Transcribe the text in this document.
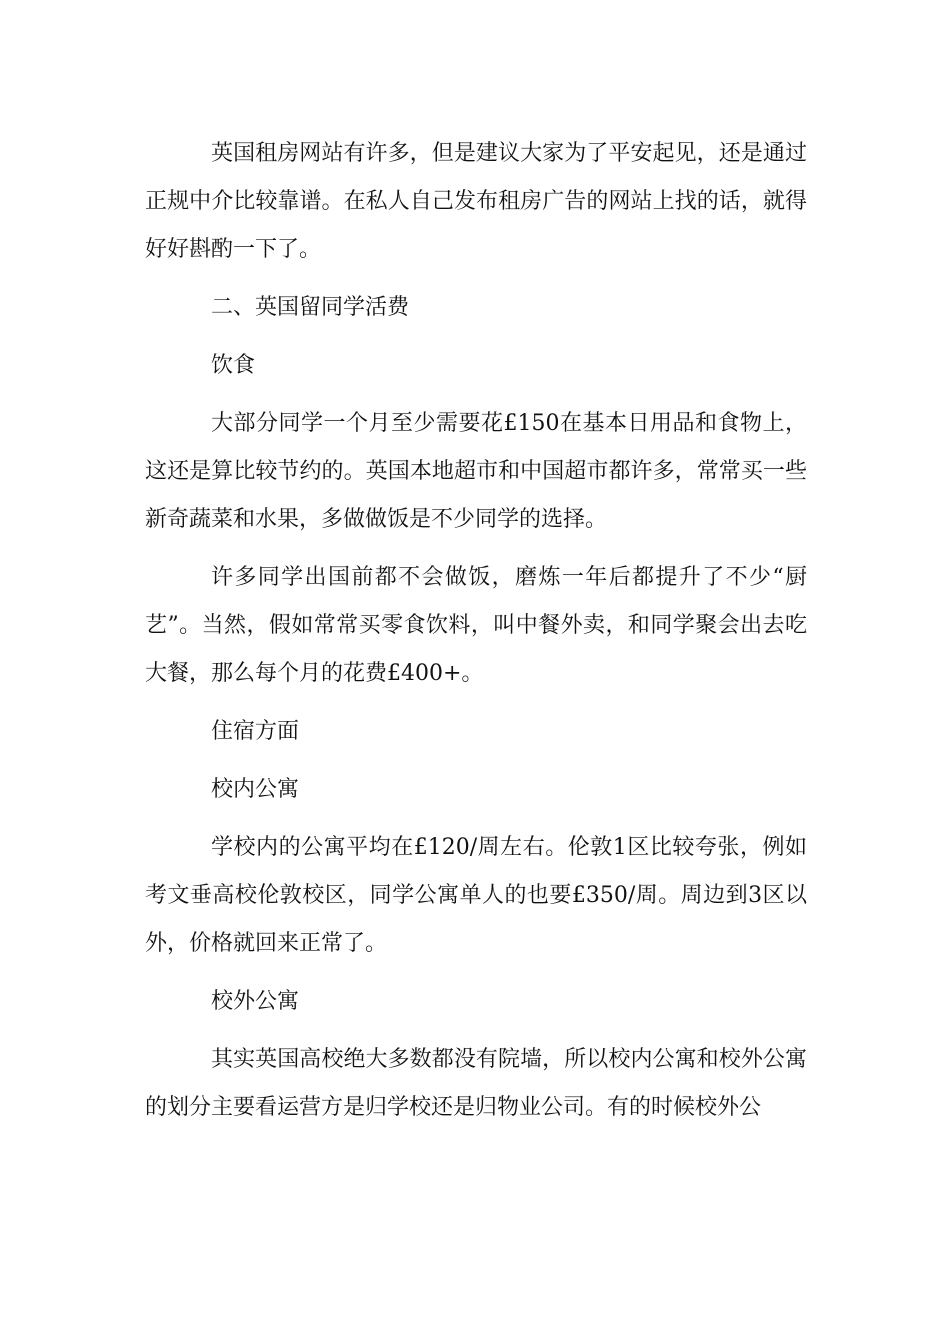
英国租房网站有许多，但是建议大家为了平安起见，还是通过正规中介比较靠谱。在私人自己发布租房广告的网站上找的话，就得好好斟酌一下了。

二、英国留同学活费

饮食

大部分同学一个月至少需要花£150在基本日用品和食物上，这还是算比较节约的。英国本地超市和中国超市都许多，常常买一些新奇蔬菜和水果，多做做饭是不少同学的选择。

许多同学出国前都不会做饭，磨炼一年后都提升了不少“厨艺”。当然，假如常常买零食饮料，叫中餐外卖，和同学聚会出去吃大餐，那么每个月的花费£400+。

住宿方面

校内公寓

学校内的公寓平均在£120/周左右。伦敦1区比较夸张，例如考文垂高校伦敦校区，同学公寓单人的也要£350/周。周边到3区以外，价格就回来正常了。

校外公寓

其实英国高校绝大多数都没有院墙，所以校内公寓和校外公寓的划分主要看运营方是归学校还是归物业公司。有的时候校外公
